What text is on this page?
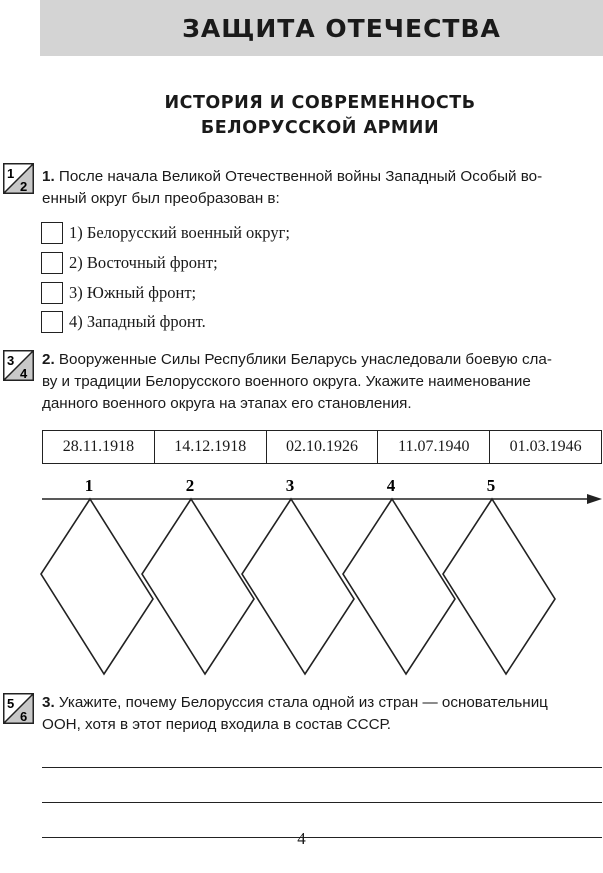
ЗАЩИТА ОТЕЧЕСТВА
ИСТОРИЯ И СОВРЕМЕННОСТЬ
БЕЛОРУССКОЙ АРМИИ
1
2
1. После начала Великой Отечественной войны Западный Особый во-
енный округ был преобразован в:
1) Белорусский военный округ;
2) Восточный фронт;
3) Южный фронт;
4) Западный фронт.
3
4
2. Вооруженные Силы Республики Беларусь унаследовали боевую сла-
ву и традиции Белорусского военного округа. Укажите наименование
данного военного округа на этапах его становления.
28.11.1918	14.12.1918	02.10.1926	11.07.1940	01.03.1946
1	2	3	4	5
5
6
3. Укажите, почему Белоруссия стала одной из стран — основательниц
ООН, хотя в этот период входила в состав СССР.
4
